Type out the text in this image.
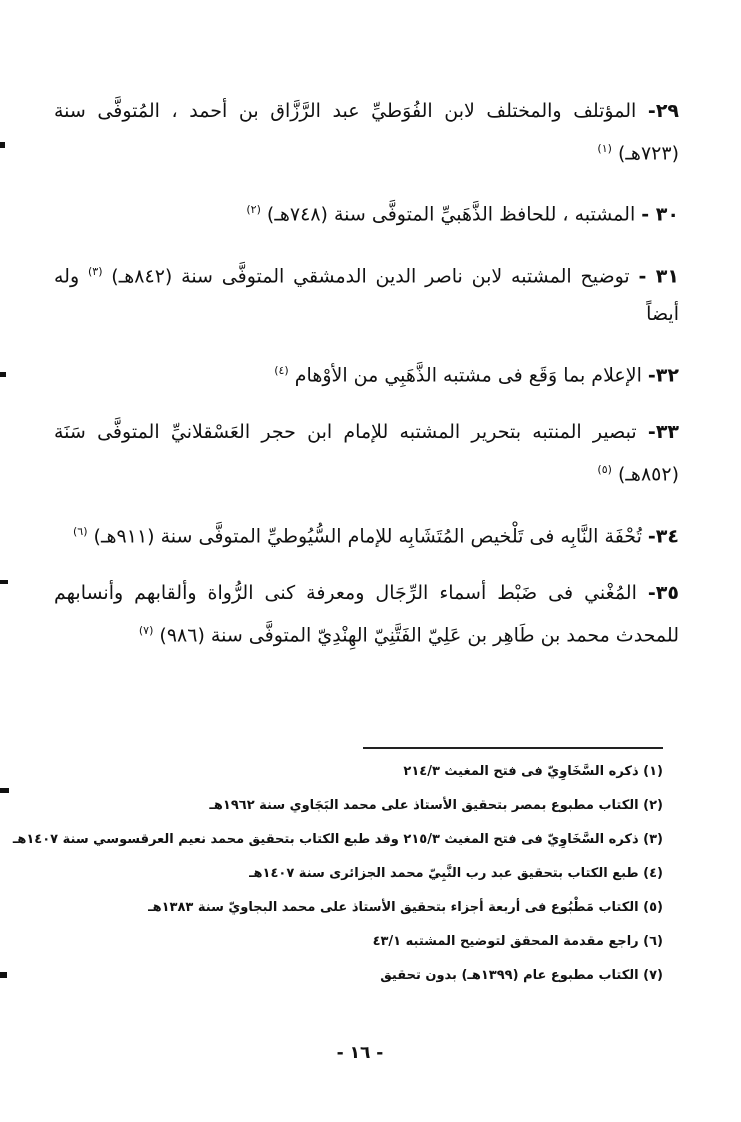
٢٩- المؤتلف والمختلف لابن الفُوَطيِّ عبد الرَّزَّاق بن أحمد ، المُتوفَّى سنة (٧٢٣هـ) $^{(١)}$
٣٠ - المشتبه ، للحافظ الذَّهَبيِّ المتوفَّى سنة (٧٤٨هـ) $^{(٢)}$
٣١ - توضيح المشتبه لابن ناصر الدين الدمشقي المتوفَّى سنة (٨٤٢هـ) $^{(٣)}$ وله أيضاً
٣٢- الإعلام بما وَقَع فى مشتبه الذَّهَبِي من الأوْهام $^{(٤)}$
٣٣- تبصير المنتبه بتحرير المشتبه للإمام ابن حجر العَسْقلانيِّ المتوفَّى سَنَة (٨٥٢هـ) $^{(٥)}$
٣٤- تُحْفَة النَّابِه فى تَلْخيص المُتَشَابِه للإمام السُّيُوطيِّ المتوفَّى سنة (٩١١هـ) $^{(٦)}$
٣٥- المُغْني فى ضَبْط أسماء الرِّجَال ومعرفة كنى الرُّواة وألقابهم وأنسابهم للمحدث محمد بن طَاهِر بن عَلِيّ الفَتَّنِيّ الهِنْدِيّ المتوفَّى سنة (٩٨٦) $^{(٧)}$
(١) ذكره السَّخَاوِيّ فى فتح المغيث ٢١٤/٣
(٢) الكتاب مطبوع بمصر بتحقيق الأستاذ على محمد البَجَاوي سنة ١٩٦٢هـ
(٣) ذكره السَّخَاوِيّ فى فتح المغيث ٢١٥/٣ وقد طبع الكتاب بتحقيق محمد نعيم العرقسوسي سنة ١٤٠٧هـ
(٤) طبع الكتاب بتحقيق عبد رب النَّبِيّ محمد الجزائرى سنة ١٤٠٧هـ
(٥) الكتاب مَطْبُوع فى أربعة أجزاء بتحقيق الأستاذ على محمد البجاويّ سنة ١٣٨٣هـ
(٦) راجع مقدمة المحقق لتوضيح المشتبه ٤٣/١
(٧) الكتاب مطبوع عام (١٣٩٩هـ) بدون تحقيق
- ١٦ -
